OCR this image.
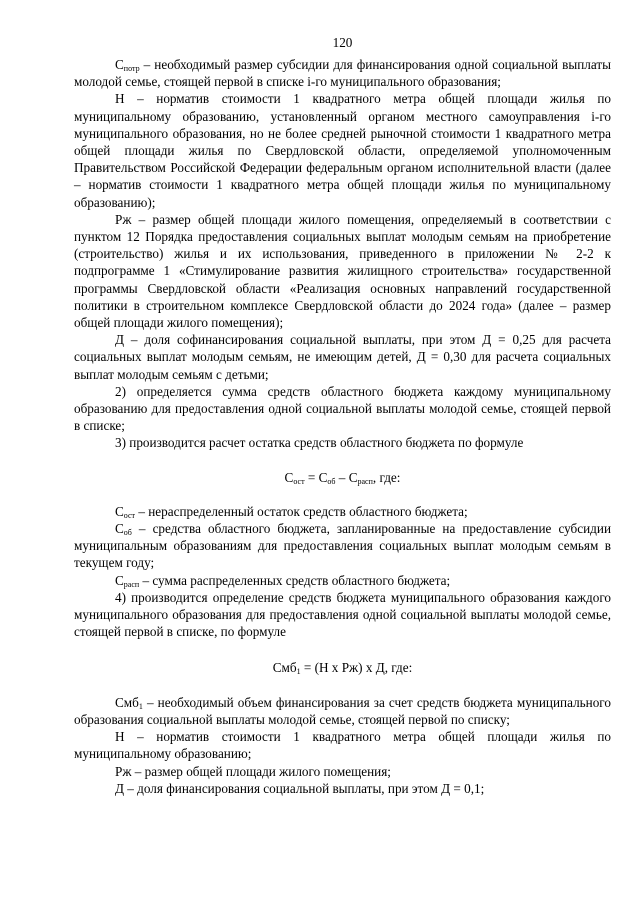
120

$С_{потр}$ – необходимый размер субсидии для финансирования одной социальной выплаты молодой семье, стоящей первой в списке i-го муниципального образования;

Н – норматив стоимости 1 квадратного метра общей площади жилья по муниципальному образованию, установленный органом местного самоуправления i-го муниципального образования, но не более средней рыночной стоимости 1 квадратного метра общей площади жилья по Свердловской области, определяемой уполномоченным Правительством Российской Федерации федеральным органом исполнительной власти (далее – норматив стоимости 1 квадратного метра общей площади жилья по муниципальному образованию);

Рж – размер общей площади жилого помещения, определяемый в соответствии с пунктом 12 Порядка предоставления социальных выплат молодым семьям на приобретение (строительство) жилья и их использования, приведенного в приложении № 2-2 к подпрограмме 1 «Стимулирование развития жилищного строительства» государственной программы Свердловской области «Реализация основных направлений государственной политики в строительном комплексе Свердловской области до 2024 года» (далее – размер общей площади жилого помещения);

Д – доля софинансирования социальной выплаты, при этом Д = 0,25 для расчета социальных выплат молодым семьям, не имеющим детей, Д = 0,30 для расчета социальных выплат молодым семьям с детьми;

2) определяется сумма средств областного бюджета каждому муниципальному образованию для предоставления одной социальной выплаты молодой семье, стоящей первой в списке;

3) производится расчет остатка средств областного бюджета по формуле

$С_{ост} = С_{об} - С_{расп}$, где:

$С_{ост}$ – нераспределенный остаток средств областного бюджета;

$С_{об}$ – средства областного бюджета, запланированные на предоставление субсидии муниципальным образованиям для предоставления социальных выплат молодым семьям в текущем году;

$С_{расп}$ – сумма распределенных средств областного бюджета;

4) производится определение средств бюджета муниципального образования каждого муниципального образования для предоставления одной социальной выплаты молодой семье, стоящей первой в списке, по формуле

Смб$_1$ = (Н х Рж) х Д, где:

Смб$_1$ – необходимый объем финансирования за счет средств бюджета муниципального образования социальной выплаты молодой семье, стоящей первой по списку;

Н – норматив стоимости 1 квадратного метра общей площади жилья по муниципальному образованию;

Рж – размер общей площади жилого помещения;

Д – доля финансирования социальной выплаты, при этом Д = 0,1;
